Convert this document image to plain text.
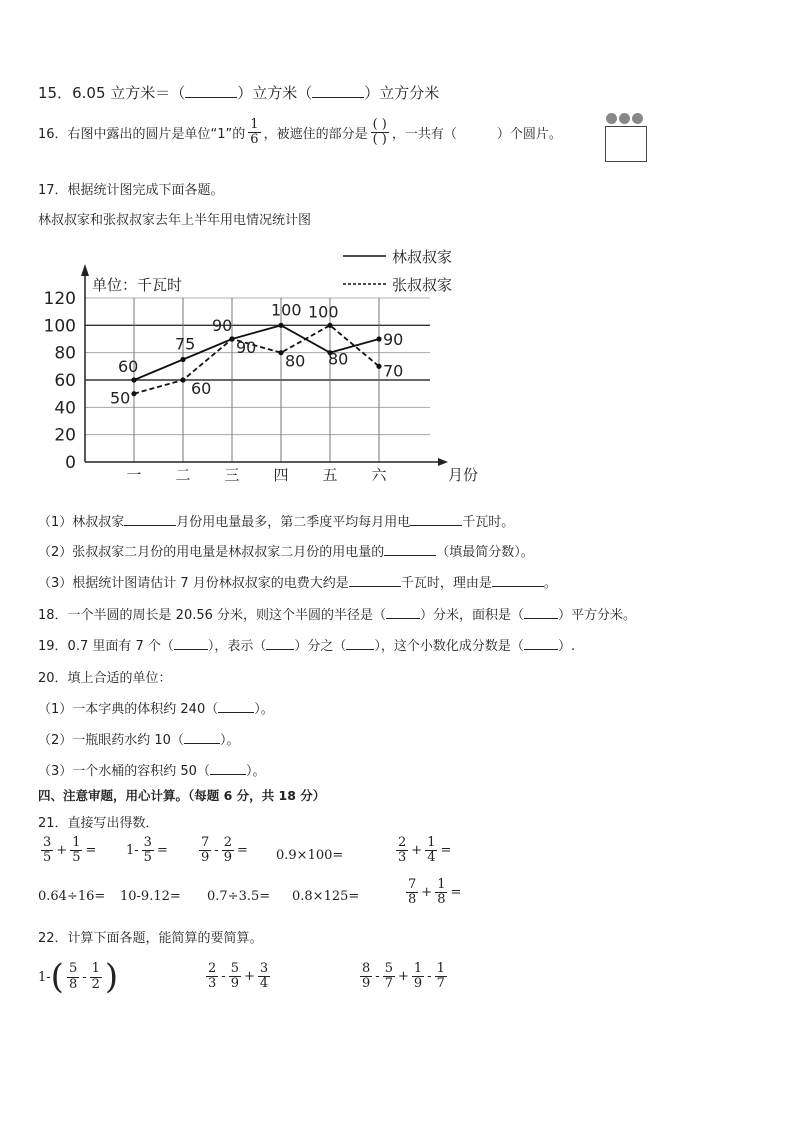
15．6.05 立方米＝（	）立方米（	）立方分米
16． 右图中露出的圆片是单位“1”的 $\frac{1}{6}$ ，被遮住的部分是 $\frac{( )}{( )}$ ，一共有（	）个圆片。
17．根据统计图完成下面各题。
林叔叔家和张叔叔家去年上半年用电情况统计图
0
20
40
60
80
100
120
单位：千瓦时
一 二 三 四 五 六	月份
60
75
90
100
80
90
50
60
90
80
100
70
林叔叔家
张叔叔家
（1）林叔叔家	月份用电量最多，第二季度平均每月用电	千瓦时。
（2）张叔叔家二月份的用电量是林叔叔家二月份的用电量的	（填最简分数）。
（3）根据统计图请估计 7 月份林叔叔家的电费大约是	千瓦时，理由是	。
18．一个半圆的周长是 20.56 分米，则这个半圆的半径是（	）分米，面积是（	）平方分米。
19．0.7 里面有 7 个（	），表示（ ）分之（ ），这个小数化成分数是（	）.
20．填上合适的单位：
（1）一本字典的体积约 240（	）。
（2）一瓶眼药水约 10（	）。
（3）一个水桶的容积约 50（	）。
四、注意审题，用心计算。（每题 6 分，共 18 分）
21．直接写出得数．
$\frac{3}{5} + \frac{1}{5} = 1- \frac{3}{5} = \frac{7}{9} - \frac{2}{9} = 0.9\times 100=$	$\frac{2}{3} + \frac{1}{4}$ =
0.64÷16= 10-9.12= 0.7÷3.5= 0.8×125=	$\frac{7}{8} + \frac{1}{8}$ =
22．计算下面各题，能简算的要简算。
1- ( $\frac{5}{8} - \frac{1}{2}$ )	$\frac{2}{3} - \frac{5}{9} + \frac{3}{4}$	$\frac{8}{9} - \frac{5}{7} + \frac{1}{9} - \frac{1}{7}$
